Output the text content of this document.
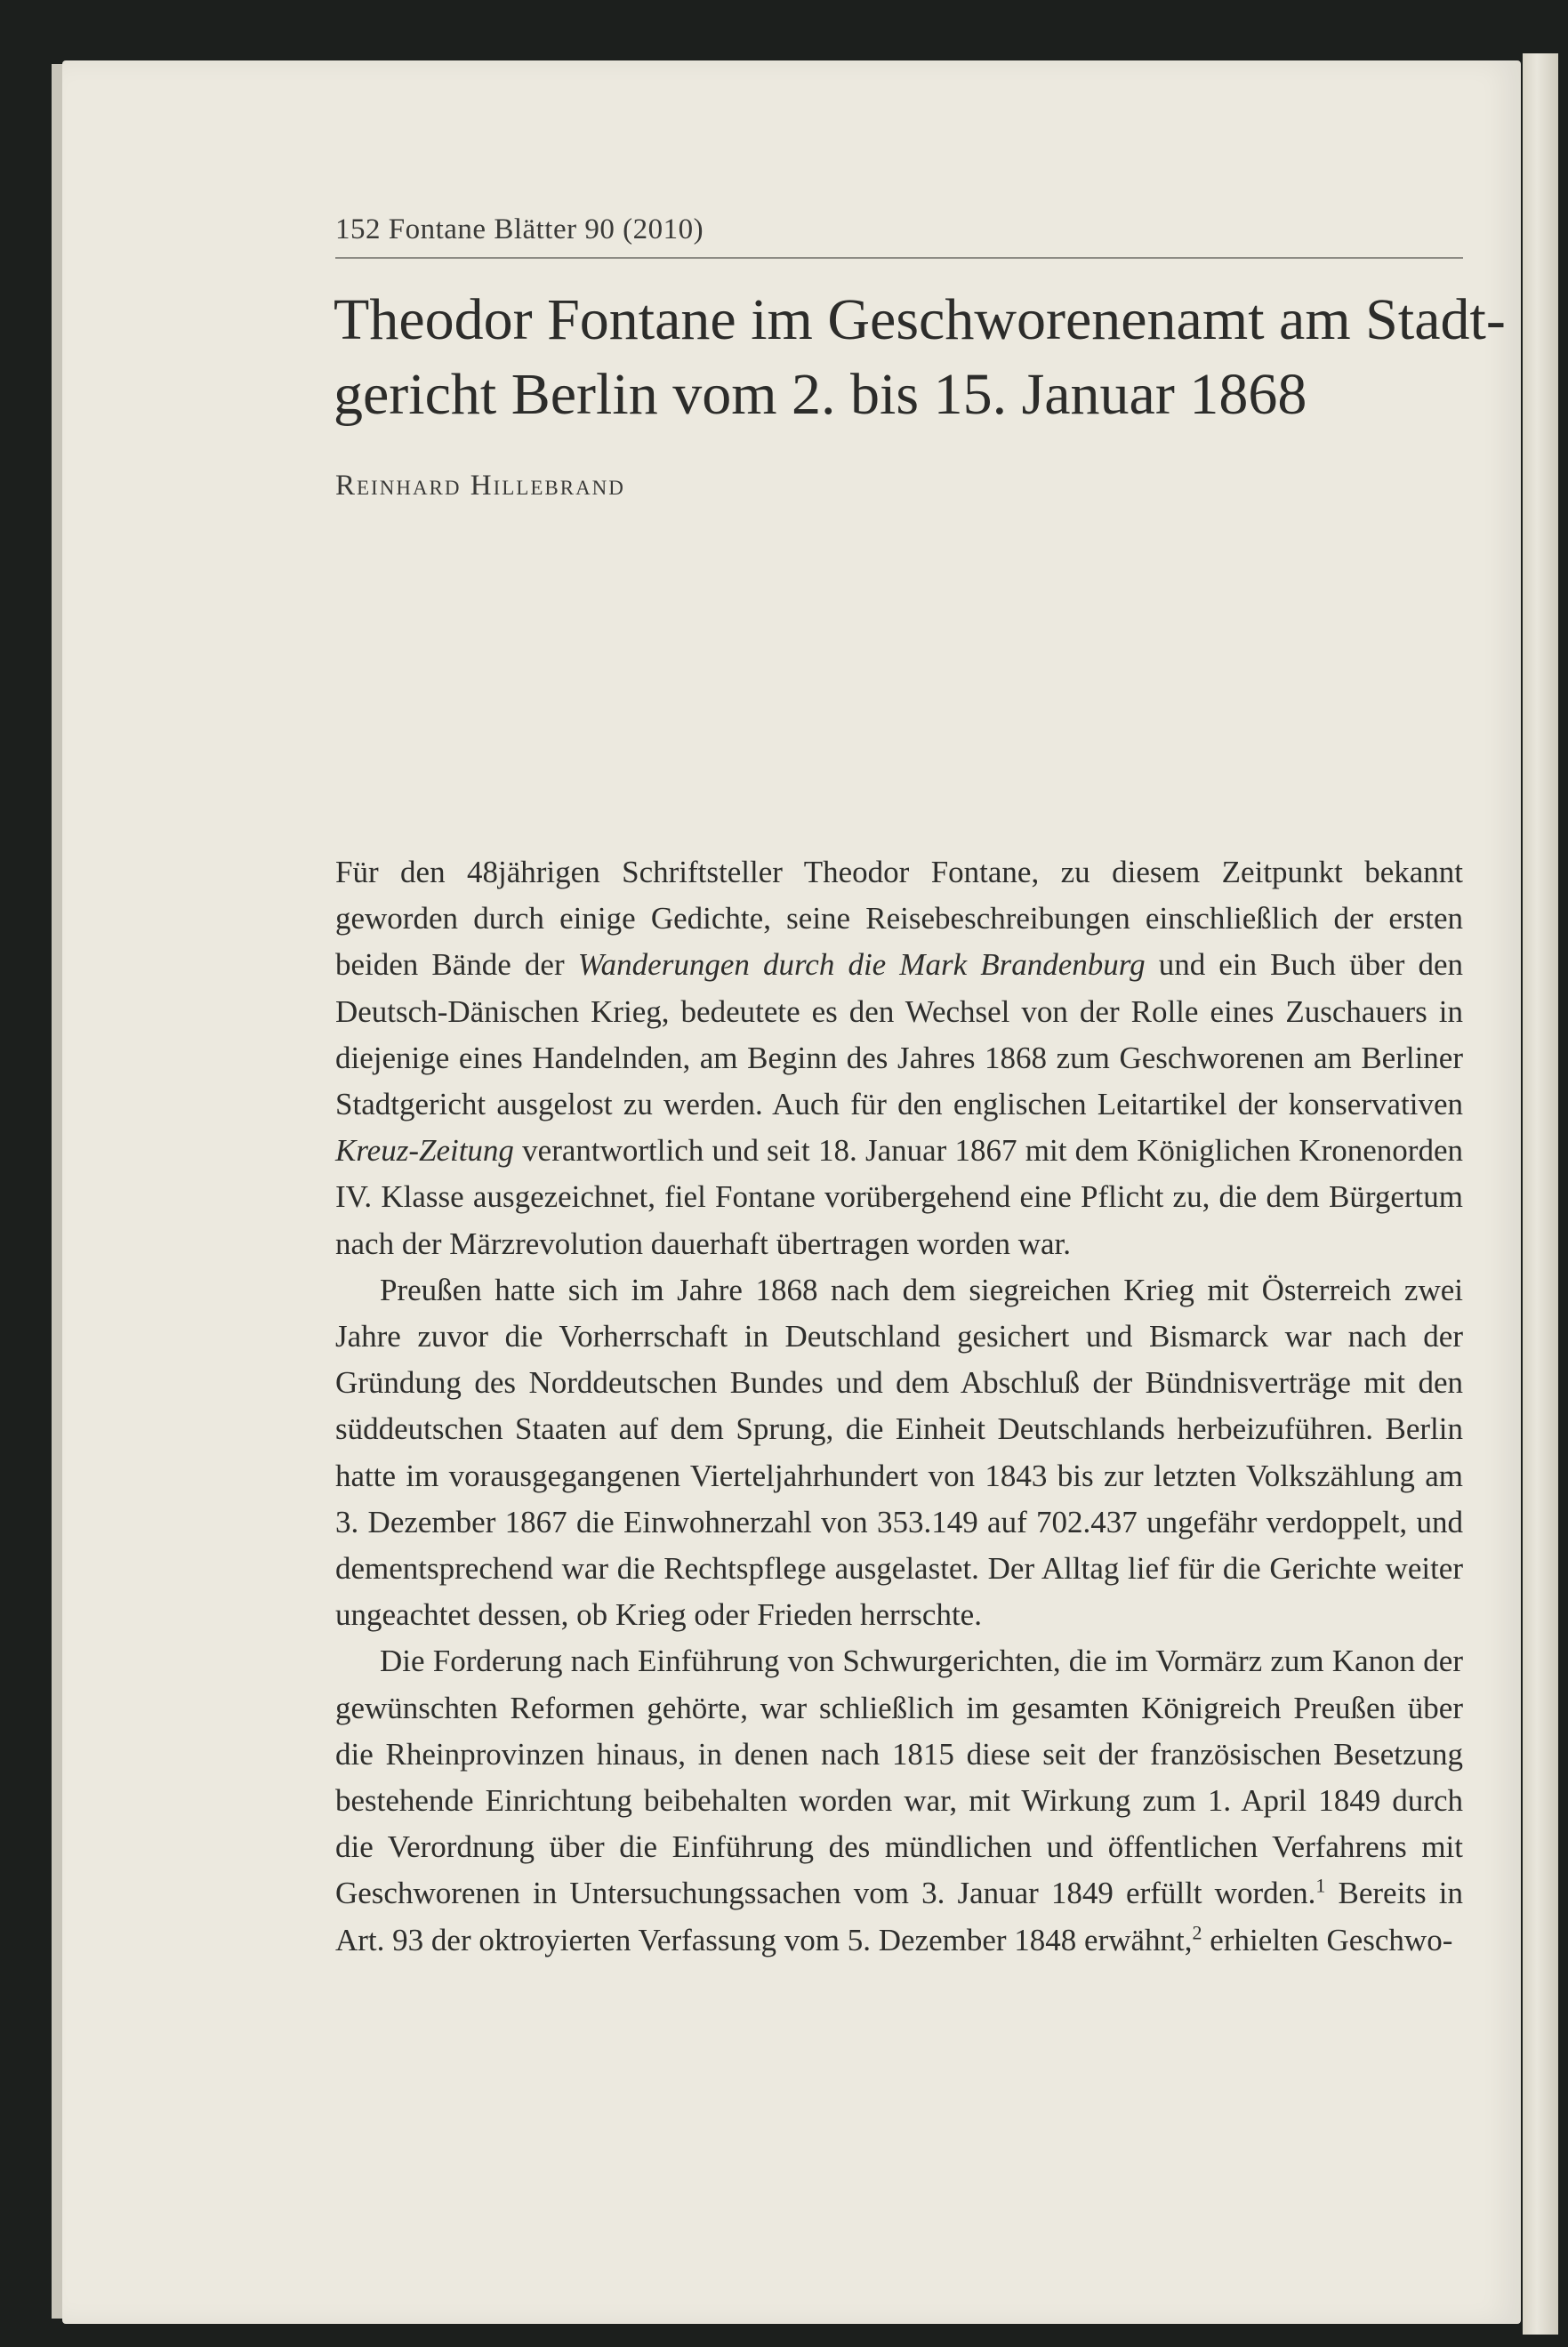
152 Fontane Blätter 90 (2010)
Theodor Fontane im Geschworenenamt am Stadt-
gericht Berlin vom 2. bis 15. Januar 1868
Reinhard Hillebrand

Für den 48jährigen Schriftsteller Theodor Fontane, zu diesem Zeitpunkt bekannt geworden durch einige Gedichte, seine Reisebeschreibungen einschließlich der ersten beiden Bände der Wanderungen durch die Mark Brandenburg und ein Buch über den Deutsch-Dänischen Krieg, bedeutete es den Wechsel von der Rolle eines Zuschauers in diejenige eines Handelnden, am Beginn des Jahres 1868 zum Geschworenen am Berliner Stadtgericht ausgelost zu werden. Auch für den englischen Leitartikel der konservativen Kreuz-Zeitung verantwortlich und seit 18. Januar 1867 mit dem Königlichen Kronenorden IV. Klasse ausgezeichnet, fiel Fontane vorübergehend eine Pflicht zu, die dem Bürgertum nach der Märzrevolution dauerhaft übertragen worden war.

Preußen hatte sich im Jahre 1868 nach dem siegreichen Krieg mit Österreich zwei Jahre zuvor die Vorherrschaft in Deutschland gesichert und Bismarck war nach der Gründung des Norddeutschen Bundes und dem Abschluß der Bündnisverträge mit den süddeutschen Staaten auf dem Sprung, die Einheit Deutschlands herbeizuführen. Berlin hatte im vorausgegangenen Vierteljahrhundert von 1843 bis zur letzten Volkszählung am 3. Dezember 1867 die Einwohnerzahl von 353.149 auf 702.437 ungefähr verdoppelt, und dementsprechend war die Rechtspflege ausgelastet. Der Alltag lief für die Gerichte weiter ungeachtet dessen, ob Krieg oder Frieden herrschte.

Die Forderung nach Einführung von Schwurgerichten, die im Vormärz zum Kanon der gewünschten Reformen gehörte, war schließlich im gesamten Königreich Preußen über die Rheinprovinzen hinaus, in denen nach 1815 diese seit der französischen Besetzung bestehende Einrichtung beibehalten worden war, mit Wirkung zum 1. April 1849 durch die Verordnung über die Einführung des mündlichen und öffentlichen Verfahrens mit Geschworenen in Untersuchungssachen vom 3. Januar 1849 erfüllt worden.$^1$ Bereits in Art. 93 der oktroyierten Verfassung vom 5. Dezember 1848 erwähnt,$^2$ erhielten Geschwo-
